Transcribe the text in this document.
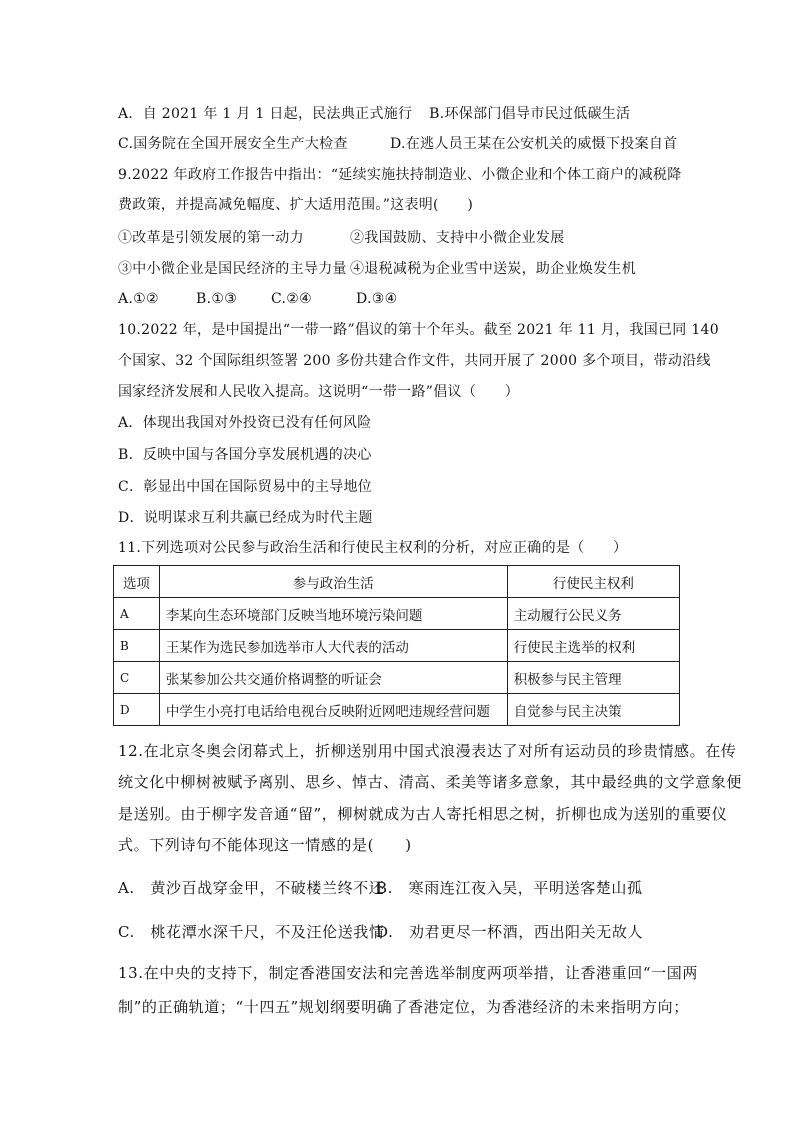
A．自 2021 年 1 月 1 日起，民法典正式施行 B.环保部门倡导市民过低碳生活
C.国务院在全国开展安全生产大检查	D.在逃人员王某在公安机关的威慑下投案自首
9.2022 年政府工作报告中指出：“延续实施扶持制造业、小微企业和个体工商户的减税降
费政策，并提高减免幅度、扩大适用范围。”这表明(　　)
①改革是引领发展的第一动力	②我国鼓励、支持中小微企业发展
③中小微企业是国民经济的主导力量 ④退税减税为企业雪中送炭，助企业焕发生机
A.①②	B.①③ C.②④	D.③④
10.2022 年，是中国提出“一带一路”倡议的第十个年头。截至 2021 年 11 月，我国已同 140
个国家、32 个国际组织签署 200 多份共建合作文件，共同开展了 2000 多个项目，带动沿线
国家经济发展和人民收入提高。这说明“一带一路”倡议（　　）
A．体现出我国对外投资已没有任何风险
B．反映中国与各国分享发展机遇的决心
C．彰显出中国在国际贸易中的主导地位
D．说明谋求互利共赢已经成为时代主题
11.下列选项对公民参与政治生活和行使民主权利的分析，对应正确的是（　　）
选项	参与政治生活	行使民主权利
A	李某向生态环境部门反映当地环境污染问题	主动履行公民义务
B	王某作为选民参加选举市人大代表的活动	行使民主选举的权利
C	张某参加公共交通价格调整的听证会	积极参与民主管理
D	中学生小亮打电话给电视台反映附近网吧违规经营问题	自觉参与民主决策
12.在北京冬奥会闭幕式上，折柳送别用中国式浪漫表达了对所有运动员的珍贵情感。在传
统文化中柳树被赋予离别、思乡、悼古、清高、柔美等诸多意象，其中最经典的文学意象便
是送别。由于柳字发音通“留”，柳树就成为古人寄托相思之树，折柳也成为送别的重要仪
式。下列诗句不能体现这一情感的是(　　)
A.　黄沙百战穿金甲，不破楼兰终不还
B.　寒雨连江夜入吴，平明送客楚山孤
C.　桃花潭水深千尺，不及汪伦送我情
D.　劝君更尽一杯酒，西出阳关无故人
13.在中央的支持下，制定香港国安法和完善选举制度两项举措，让香港重回“一国两
制”的正确轨道；“十四五”规划纲要明确了香港定位，为香港经济的未来指明方向；
